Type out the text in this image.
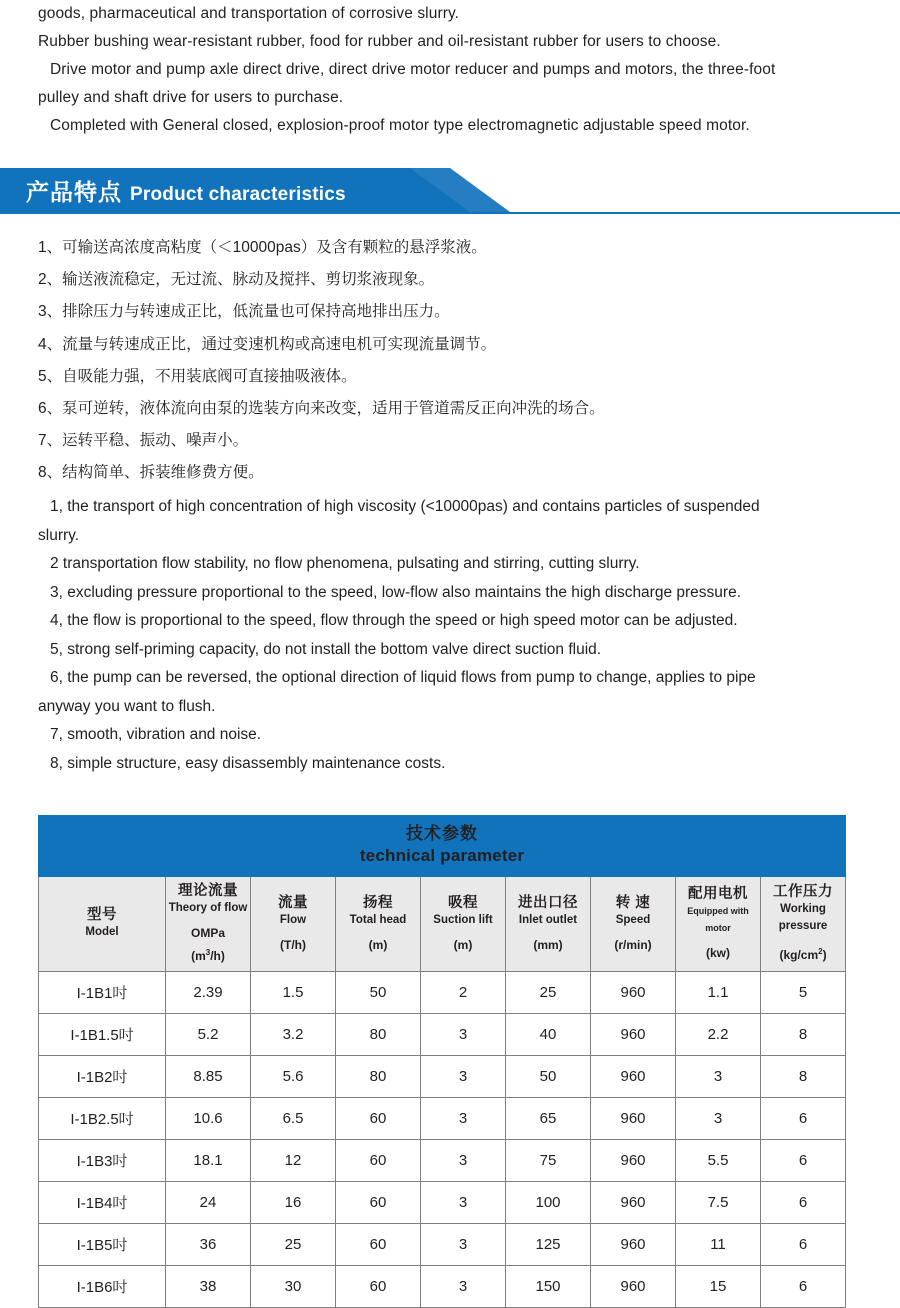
goods, pharmaceutical and transportation of corrosive slurry.

Rubber bushing wear-resistant rubber, food for rubber and oil-resistant rubber for users to choose.

Drive motor and pump axle direct drive, direct drive motor reducer and pumps and motors, the three-foot

pulley and shaft drive for users to purchase.

Completed with General closed, explosion-proof motor type electromagnetic adjustable speed motor.

产品特点 Product characteristics

1、可输送高浓度高粘度（＜10000pas）及含有颗粒的悬浮浆液。

2、输送液流稳定，无过流、脉动及搅拌、剪切浆液现象。

3、排除压力与转速成正比，低流量也可保持高地排出压力。

4、流量与转速成正比，通过变速机构或高速电机可实现流量调节。

5、自吸能力强，不用装底阀可直接抽吸液体。

6、泵可逆转，液体流向由泵的选装方向来改变，适用于管道需反正向冲洗的场合。

7、运转平稳、振动、噪声小。

8、结构简单、拆装维修费方便。

1, the transport of high concentration of high viscosity (<10000pas) and contains particles of suspended

slurry.

2 transportation flow stability, no flow phenomena, pulsating and stirring, cutting slurry.

3, excluding pressure proportional to the speed, low-flow also maintains the high discharge pressure.

4, the flow is proportional to the speed, flow through the speed or high speed motor can be adjusted.

5, strong self-priming capacity, do not install the bottom valve direct suction fluid.

6, the pump can be reversed, the optional direction of liquid flows from pump to change, applies to pipe

anyway you want to flush.

7, smooth, vibration and noise.

8, simple structure, easy disassembly maintenance costs.

技术参数
technical parameter								

型号
Model	理论流量
Theory of flow
OMPa
$(m^3/h)$	流量
Flow
(T/h)	扬程
Total head
(m)	吸程
Suction lift
(m)	进出口径
Inlet outlet
(mm)	转 速
Speed
(r/min)	配用电机
Equipped with motor
(kw)	工作压力
Working pressure
$(kg/cm^2)$

I-1B1吋	2.39	1.5	50	2	25	960	1.1	5
I-1B1.5吋	5.2	3.2	80	3	40	960	2.2	8
I-1B2吋	8.85	5.6	80	3	50	960	3	8
I-1B2.5吋	10.6	6.5	60	3	65	960	3	6
I-1B3吋	18.1	12	60	3	75	960	5.5	6
I-1B4吋	24	16	60	3	100	960	7.5	6
I-1B5吋	36	25	60	3	125	960	11	6
I-1B6吋	38	30	60	3	150	960	15	6
